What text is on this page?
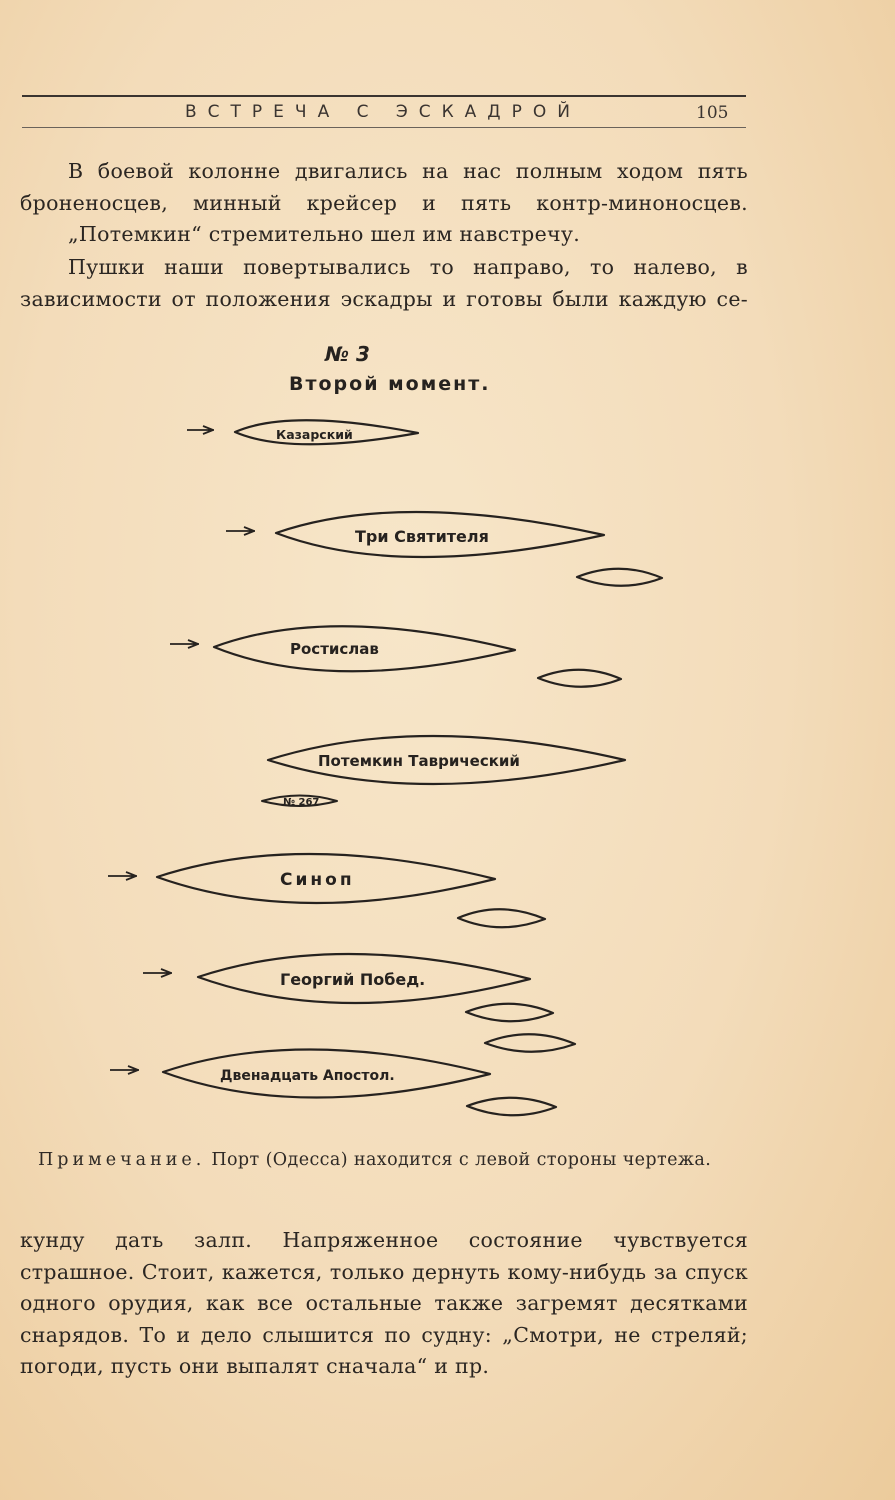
ВСТРЕЧА С ЭСКАДРОЙ	105

В боевой колонне двигались на нас полным ходом пять броненосцев, минный крейсер и пять контр-миноносцев.

„Потемкин“ стремительно шел им навстречу.

Пушки наши повертывались то направо, то налево, в зависимости от положения эскадры и готовы были каждую се-

№ 3
Второй момент.
Казарский
Три Святителя
Ростислав
Потемкин Таврический
№ 267
Синоп
Георгий Побед.
Двенадцать Апостол.
Примечание. Порт (Одесса) находится с левой стороны чертежа.

кунду дать залп. Напряженное состояние чувствуется страшное. Стоит, кажется, только дернуть кому-нибудь за спуск одного орудия, как все остальные также загремят десятками снарядов. То и дело слышится по судну: „Смотри, не стреляй; погоди, пусть они выпалят сначала“ и пр.
